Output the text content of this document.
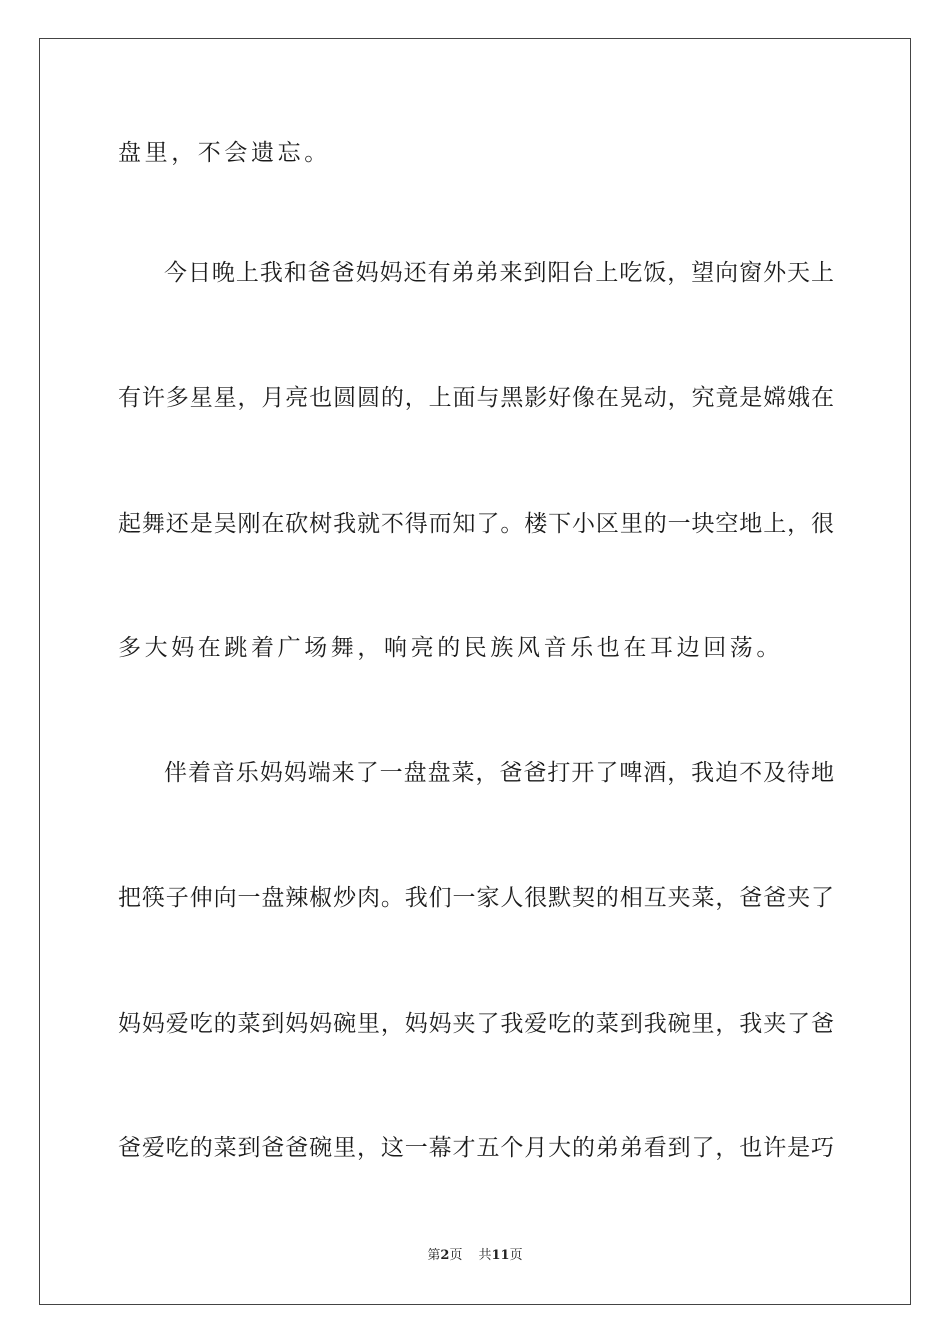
盘里，不会遗忘。
今日晚上我和爸爸妈妈还有弟弟来到阳台上吃饭，望向窗外天上
有许多星星，月亮也圆圆的，上面与黑影好像在晃动，究竟是嫦娥在
起舞还是吴刚在砍树我就不得而知了。楼下小区里的一块空地上，很
多大妈在跳着广场舞，响亮的民族风音乐也在耳边回荡。
伴着音乐妈妈端来了一盘盘菜，爸爸打开了啤酒，我迫不及待地
把筷子伸向一盘辣椒炒肉。我们一家人很默契的相互夹菜，爸爸夹了
妈妈爱吃的菜到妈妈碗里，妈妈夹了我爱吃的菜到我碗里，我夹了爸
爸爱吃的菜到爸爸碗里，这一幕才五个月大的弟弟看到了，也许是巧
第2页 共11页
